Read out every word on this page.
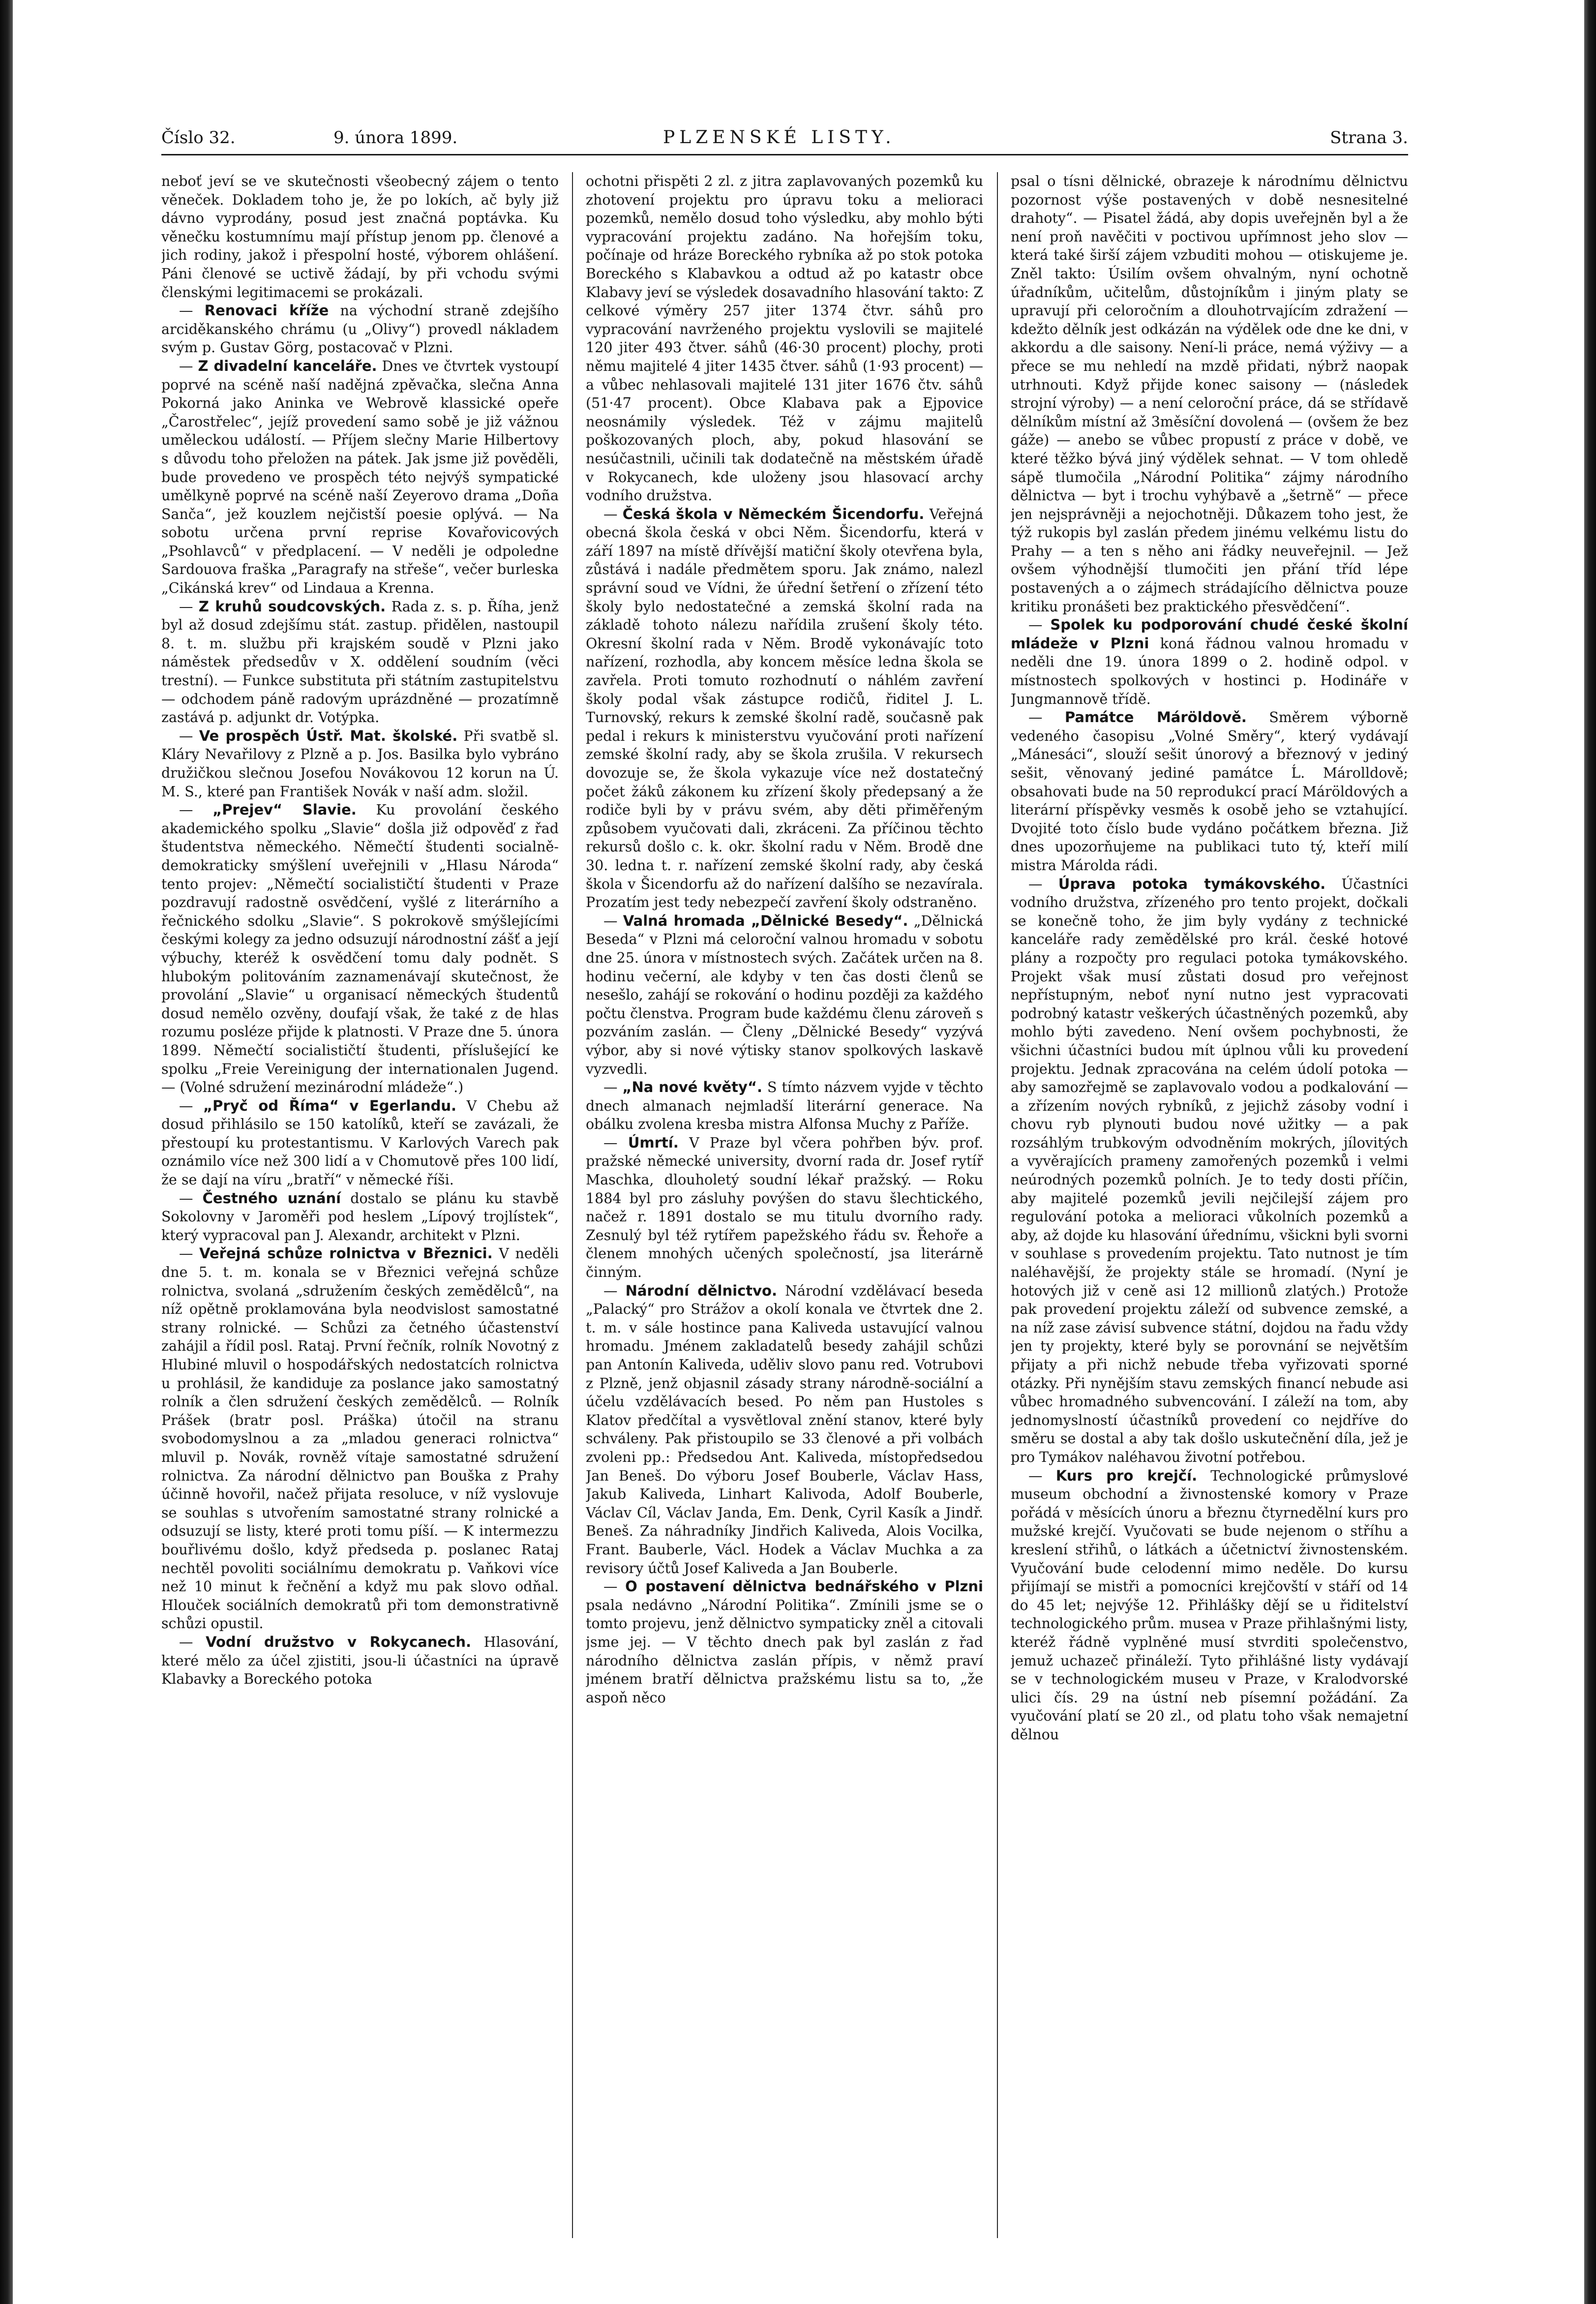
Číslo 32.	9. února 1899.	PLZENSKÉ LISTY.	Strana 3.

neboť jeví se ve skutečnosti všeobecný zájem o tento věneček. Dokladem toho je, že po lokích, ač byly již dávno vyprodány, posud jest značná poptávka. Ku věnečku kostumnímu mají přístup jenom pp. členové a jich rodiny, jakož i přespolní hosté, výborem ohlášení. Páni členové se uctivě žádají, by při vchodu svými členskými legitimacemi se prokázali.

— Renovaci kříže na východní straně zdejšího arciděkanského chrámu (u „Olivy“) provedl nákladem svým p. Gustav Görg, postacovač v Plzni.

— Z divadelní kanceláře. Dnes ve čtvrtek vystoupí poprvé na scéně naší nadějná zpěvačka, slečna Anna Pokorná jako Aninka ve Webrově klassické opeře „Čarostřelec“, jejíž provedení samo sobě je již vážnou uměleckou událostí. — Příjem slečny Marie Hilbertovy s důvodu toho přeložen na pátek. Jak jsme již pověděli, bude provedeno ve prospěch této nejvýš sympatické umělkyně poprvé na scéně naší Zeyerovo drama „Doña Sanča“, jež kouzlem nejčistší poesie oplývá. — Na sobotu určena první reprise Kovařovicových „Psohlavců“ v předplacení. — V neděli je odpoledne Sardouova fraška „Paragrafy na střeše“, večer burleska „Cikánská krev“ od Lindaua a Krenna.

— Z kruhů soudcovských. Rada z. s. p. Říha, jenž byl až dosud zdejšímu stát. zastup. přidělen, nastoupil 8. t. m. službu při krajském soudě v Plzni jako náměstek předsedův v X. oddělení soudním (věci trestní). — Funkce substituta při státním zastupitelstvu — odchodem páně radovým uprázdněné — prozatímně zastává p. adjunkt dr. Votýpka.

— Ve prospěch Ústř. Mat. školské. Při svatbě sl. Kláry Nevařilovy z Plzně a p. Jos. Basilka bylo vybráno družičkou slečnou Josefou Novákovou 12 korun na Ú. M. S., které pan František Novák v naší adm. složil.

— „Prejev“ Slavie. Ku provolání českého akademického spolku „Slavie“ došla již odpověď z řad študentstva německého. Němečtí študenti socialně-demokraticky smýšlení uveřejnili v „Hlasu Národa“ tento projev: „Němečtí socialističtí študenti v Praze pozdravují radostně osvědčení, vyšlé z literárního a řečnického sdolku „Slavie“. S pokrokově smýšlejícími českými kolegy za jedno odsuzují národnostní zášť a její výbuchy, kteréž k osvědčení tomu daly podnět. S hlubokým politováním zaznamenávají skutečnost, že provolání „Slavie“ u organisací německých študentů dosud nemělo ozvěny, doufají však, že také z de hlas rozumu posléze přijde k platnosti. V Praze dne 5. února 1899. Němečtí socialističtí študenti, příslušející ke spolku „Freie Vereinigung der internationalen Jugend. — (Volné sdružení mezinárodní mládeže“.)

— „Pryč od Říma“ v Egerlandu. V Chebu až dosud přihlásilo se 150 katolíků, kteří se zavázali, že přestoupí ku protestantismu. V Karlových Varech pak oznámilo více než 300 lidí a v Chomutově přes 100 lidí, že se dají na víru „bratří“ v německé říši.

— Čestného uznání dostalo se plánu ku stavbě Sokolovny v Jaroměři pod heslem „Lípový trojlístek“, který vypracoval pan J. Alexandr, architekt v Plzni.

— Veřejná schůze rolnictva v Březnici. V neděli dne 5. t. m. konala se v Březnici veřejná schůze rolnictva, svolaná „sdružením českých zemědělců“, na níž opětně proklamována byla neodvislost samostatné strany rolnické. — Schůzi za četného účastenství zahájil a řídil posl. Rataj. První řečník, rolník Novotný z Hlubiné mluvil o hospodářských nedostatcích rolnictva u prohlásil, že kandiduje za poslance jako samostatný rolník a člen sdružení českých zemědělců. — Rolník Prášek (bratr posl. Práška) útočil na stranu svobodomyslnou a za „mladou generaci rolnictva“ mluvil p. Novák, rovněž vítaje samostatné sdružení rolnictva. Za národní dělnictvo pan Bouška z Prahy účinně hovořil, načež přijata resoluce, v níž vyslovuje se souhlas s utvořením samostatné strany rolnické a odsuzují se listy, které proti tomu píší. — K intermezzu bouřlivému došlo, když předseda p. poslanec Rataj nechtěl povoliti sociálnímu demokratu p. Vaňkovi více než 10 minut k řečnění a když mu pak slovo odňal. Hlouček sociálních demokratů při tom demonstrativně schůzi opustil.

— Vodní družstvo v Rokycanech. Hlasování, které mělo za účel zjistiti, jsou-li účastníci na úpravě Klabavky a Boreckého potoka

ochotni přispěti 2 zl. z jitra zaplavovaných pozemků ku zhotovení projektu pro úpravu toku a melioraci pozemků, nemělo dosud toho výsledku, aby mohlo býti vypracování projektu zadáno. Na hořejším toku, počínaje od hráze Boreckého rybníka až po stok potoka Boreckého s Klabavkou a odtud až po katastr obce Klabavy jeví se výsledek dosavadního hlasování takto: Z celkové výměry 257 jiter 1374 čtvr. sáhů pro vypracování navrženého projektu vyslovili se majitelé 120 jiter 493 čtver. sáhů (46·30 procent) plochy, proti němu majitelé 4 jiter 1435 čtver. sáhů (1·93 procent) — a vůbec nehlasovali majitelé 131 jiter 1676 čtv. sáhů (51·47 procent). Obce Klabava pak a Ejpovice neosnámily výsledek. Též v zájmu majitelů poškozovaných ploch, aby, pokud hlasování se nesúčastnili, učinili tak dodatečně na městském úřadě v Rokycanech, kde uloženy jsou hlasovací archy vodního družstva.

— Česká škola v Německém Šicendorfu. Veřejná obecná škola česká v obci Něm. Šicendorfu, která v září 1897 na místě dřívější matiční školy otevřena byla, zůstává i nadále předmětem sporu. Jak známo, nalezl správní soud ve Vídni, že úřední šetření o zřízení této školy bylo nedostatečné a zemská školní rada na základě tohoto nálezu nařídila zrušení školy této. Okresní školní rada v Něm. Brodě vykonávajíc toto nařízení, rozhodla, aby koncem měsíce ledna škola se zavřela. Proti tomuto rozhodnutí o náhlém zavření školy podal však zástupce rodičů, řiditel J. L. Turnovský, rekurs k zemské školní radě, současně pak pedal i rekurs k ministerstvu vyučování proti nařízení zemské školní rady, aby se škola zrušila. V rekursech dovozuje se, že škola vykazuje více než dostatečný počet žáků zákonem ku zřízení školy předepsaný a že rodiče byli by v právu svém, aby děti přiměřeným způsobem vyučovati dali, zkráceni. Za příčinou těchto rekursů došlo c. k. okr. školní radu v Něm. Brodě dne 30. ledna t. r. nařízení zemské školní rady, aby česká škola v Šicendorfu až do nařízení dalšího se nezavírala. Prozatím jest tedy nebezpečí zavření školy odstraněno.

— Valná hromada „Dělnické Besedy“. „Dělnická Beseda“ v Plzni má celoroční valnou hromadu v sobotu dne 25. února v místnostech svých. Začátek určen na 8. hodinu večerní, ale kdyby v ten čas dosti členů se nesešlo, zahájí se rokování o hodinu později za každého počtu členstva. Program bude každému členu zároveň s pozváním zaslán. — Členy „Dělnické Besedy“ vyzývá výbor, aby si nové výtisky stanov spolkových laskavě vyzvedli.

— „Na nové květy“. S tímto názvem vyjde v těchto dnech almanach nejmladší literární generace. Na obálku zvolena kresba mistra Alfonsa Muchy z Paříže.

— Úmrtí. V Praze byl včera pohřben býv. prof. pražské německé university, dvorní rada dr. Josef rytíř Maschka, dlouholetý soudní lékař pražský. — Roku 1884 byl pro zásluhy povýšen do stavu šlechtického, načež r. 1891 dostalo se mu titulu dvorního rady. Zesnulý byl též rytířem papežského řádu sv. Řehoře a členem mnohých učených společností, jsa literárně činným.

— Národní dělnictvo. Národní vzdělávací beseda „Palacký“ pro Strážov a okolí konala ve čtvrtek dne 2. t. m. v sále hostince pana Kaliveda ustavující valnou hromadu. Jménem zakladatelů besedy zahájil schůzi pan Antonín Kaliveda, uděliv slovo panu red. Votrubovi z Plzně, jenž objasnil zásady strany národně-sociální a účelu vzdělávacích besed. Po něm pan Hustoles s Klatov předčítal a vysvětloval znění stanov, které byly schváleny. Pak přistoupilo se 33 členové a při volbách zvoleni pp.: Předsedou Ant. Kaliveda, místopředsedou Jan Beneš. Do výboru Josef Bouberle, Václav Hass, Jakub Kaliveda, Linhart Kalivoda, Adolf Bouberle, Václav Cíl, Václav Janda, Em. Denk, Cyril Kasík a Jindř. Beneš. Za náhradníky Jindřich Kaliveda, Alois Vocilka, Frant. Bauberle, Václ. Hodek a Václav Muchka a za revisory účtů Josef Kaliveda a Jan Bouberle.

— O postavení dělnictva bednářského v Plzni psala nedávno „Národní Politika“. Zmínili jsme se o tomto projevu, jenž dělnictvo sympaticky zněl a citovali jsme jej. — V těchto dnech pak byl zaslán z řad národního dělnictva zaslán přípis, v němž praví jménem bratří dělnictva pražskému listu sa to, „že aspoň něco

psal o tísni dělnické, obrazeje k národnímu dělnictvu pozornost výše postavených v době nesnesitelné drahoty“. — Pisatel žádá, aby dopis uveřejněn byl a že není proň navěčiti v poctivou upřímnost jeho slov — která také širší zájem vzbuditi mohou — otiskujeme je. Zněl takto: Úsilím ovšem ohvalným, nyní ochotně úřadníkům, učitelům, důstojníkům i jiným platy se upravují při celoročním a dlouhotrvajícím zdražení — kdežto dělník jest odkázán na výdělek ode dne ke dni, v akkordu a dle saisony. Není-li práce, nemá výživy — a přece se mu nehledí na mzdě přidati, nýbrž naopak utrhnouti. Když přijde konec saisony — (následek strojní výroby) — a není celoroční práce, dá se střídavě dělníkům místní až 3měsíční dovolená — (ovšem že bez gáže) — anebo se vůbec propustí z práce v době, ve které těžko bývá jiný výdělek sehnat. — V tom ohledě sápě tlumočila „Národní Politika“ zájmy národního dělnictva — byt i trochu vyhýbavě a „šetrně“ — přece jen nejsprávněji a nejochotněji. Důkazem toho jest, že týž rukopis byl zaslán předem jinému velkému listu do Prahy — a ten s něho ani řádky neuveřejnil. — Jež ovšem výhodnější tlumočiti jen přání tříd lépe postavených a o zájmech strádajícího dělnictva pouze kritiku pronášeti bez praktického přesvědčení“.

— Spolek ku podporování chudé české školní mládeže v Plzni koná řádnou valnou hromadu v neděli dne 19. února 1899 o 2. hodině odpol. v místnostech spolkových v hostinci p. Hodináře v Jungmannově třídě.

— Památce Máröldově. Směrem výborně vedeného časopisu „Volné Směry“, který vydávají „Mánesáci“, slouží sešit únorový a březnový v jediný sešit, věnovaný jediné památce Ĺ. Márolldově; obsahovati bude na 50 reprodukcí prací Máröldových a literární příspěvky vesměs k osobě jeho se vztahující. Dvojité toto číslo bude vydáno počátkem března. Již dnes upozorňujeme na publikaci tuto tý, kteří milí mistra Márolda rádi.

— Úprava potoka tymákovského. Účastníci vodního družstva, zřízeného pro tento projekt, dočkali se konečně toho, že jim byly vydány z technické kanceláře rady zemědělské pro král. české hotové plány a rozpočty pro regulaci potoka tymákovského. Projekt však musí zůstati dosud pro veřejnost nepřístupným, neboť nyní nutno jest vypracovati podrobný katastr veškerých účastněných pozemků, aby mohlo býti zavedeno. Není ovšem pochybnosti, že všichni účastníci budou mít úplnou vůli ku provedení projektu. Jednak zpracována na celém údolí potoka — aby samozřejmě se zaplavovalo vodou a podkalování — a zřízením nových rybníků, z jejichž zásoby vodní i chovu ryb plynouti budou nové užitky — a pak rozsáhlým trubkovým odvodněním mokrých, jílovitých a vyvěrajících prameny zamořených pozemků i velmi neúrodných pozemků polních. Je to tedy dosti příčin, aby majitelé pozemků jevili nejčilejší zájem pro regulování potoka a melioraci vůkolních pozemků a aby, až dojde ku hlasování úřednímu, všickni byli svorni v souhlase s provedením projektu. Tato nutnost je tím naléhavější, že projekty stále se hromadí. (Nyní je hotových již v ceně asi 12 millionů zlatých.) Protože pak provedení projektu záleží od subvence zemské, a na níž zase závisí subvence státní, dojdou na řadu vždy jen ty projekty, které byly se porovnání se největším přijaty a při nichž nebude třeba vyřizovati sporné otázky. Při nynějším stavu zemských financí nebude asi vůbec hromadného subvencování. I záleží na tom, aby jednomyslností účastníků provedení co nejdříve do směru se dostal a aby tak došlo uskutečnění díla, jež je pro Tymákov naléhavou životní potřebou.

— Kurs pro krejčí. Technologické průmyslové museum obchodní a živnostenské komory v Praze pořádá v měsících únoru a březnu čtyrnedělní kurs pro mužské krejčí. Vyučovati se bude nejenom o stříhu a kreslení střihů, o látkách a účetnictví živnostenském. Vyučování bude celodenní mimo neděle. Do kursu přijímají se mistři a pomocníci krejčovští v stáří od 14 do 45 let; nejvýše 12. Přihlášky dějí se u řiditelství technologického prům. musea v Praze přihlašnými listy, kteréž řádně vyplněné musí stvrditi společenstvo, jemuž uchazeč přináleží. Tyto přihlášné listy vydávají se v technologickém museu v Praze, v Kralodvorské ulici čís. 29 na ústní neb písemní požádání. Za vyučování platí se 20 zl., od platu toho však nemajetní dělnou
